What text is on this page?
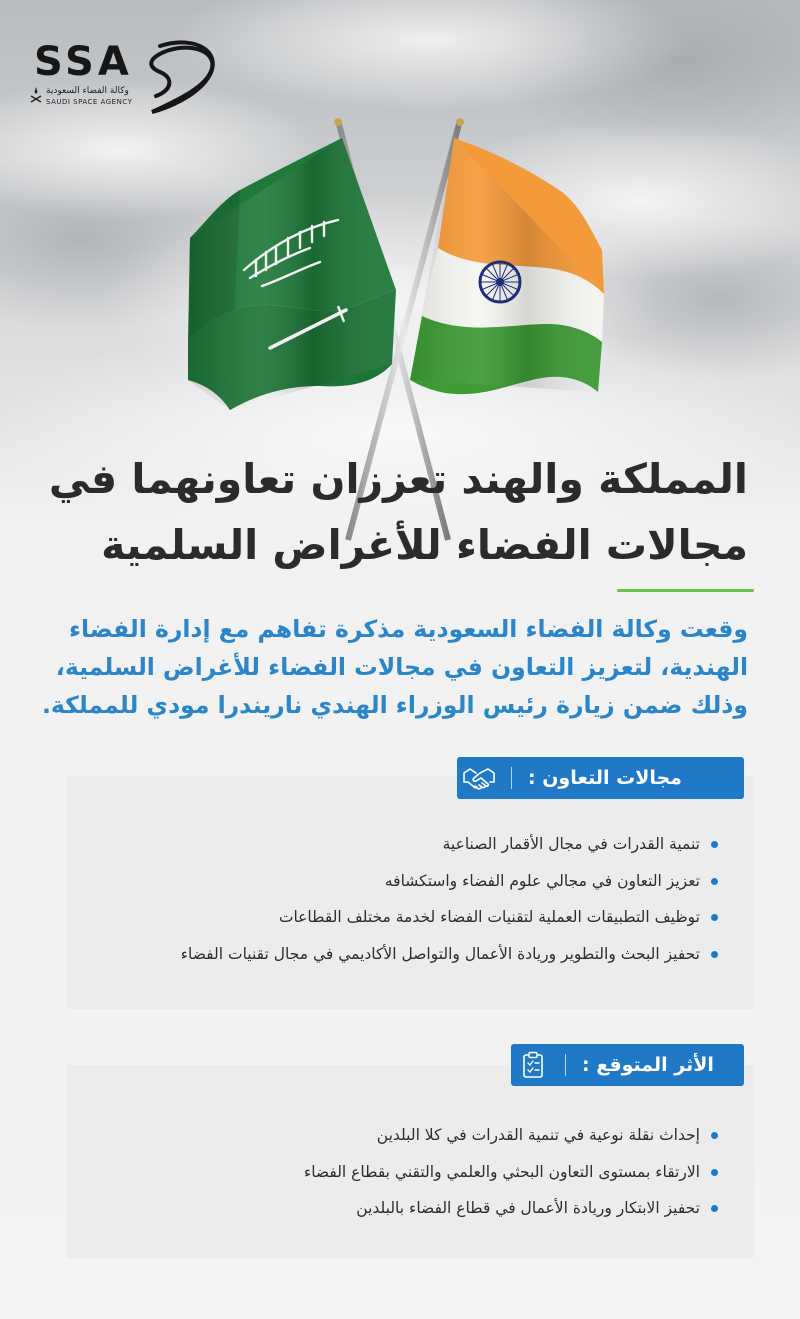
SSA
وكالة الفضاء السعودية
SAUDI SPACE AGENCY
المملكة والهند تعززان تعاونهما في
مجالات الفضاء للأغراض السلمية
وقعت وكالة الفضاء السعودية مذكرة تفاهم مع إدارة الفضاء
الهندية، لتعزيز التعاون في مجالات الفضاء للأغراض السلمية،
وذلك ضمن زيارة رئيس الوزراء الهندي ناريندرا مودي للمملكة.
مجالات التعاون :
تنمية القدرات في مجال الأقمار الصناعية
تعزيز التعاون في مجالي علوم الفضاء واستكشافه
توظيف التطبيقات العملية لتقنيات الفضاء لخدمة مختلف القطاعات
تحفيز البحث والتطوير وريادة الأعمال والتواصل الأكاديمي في مجال تقنيات الفضاء
الأثر المتوقع :
إحداث نقلة نوعية في تنمية القدرات في كلا البلدين
الارتقاء بمستوى التعاون البحثي والعلمي والتقني بقطاع الفضاء
تحفيز الابتكار وريادة الأعمال في قطاع الفضاء بالبلدين
